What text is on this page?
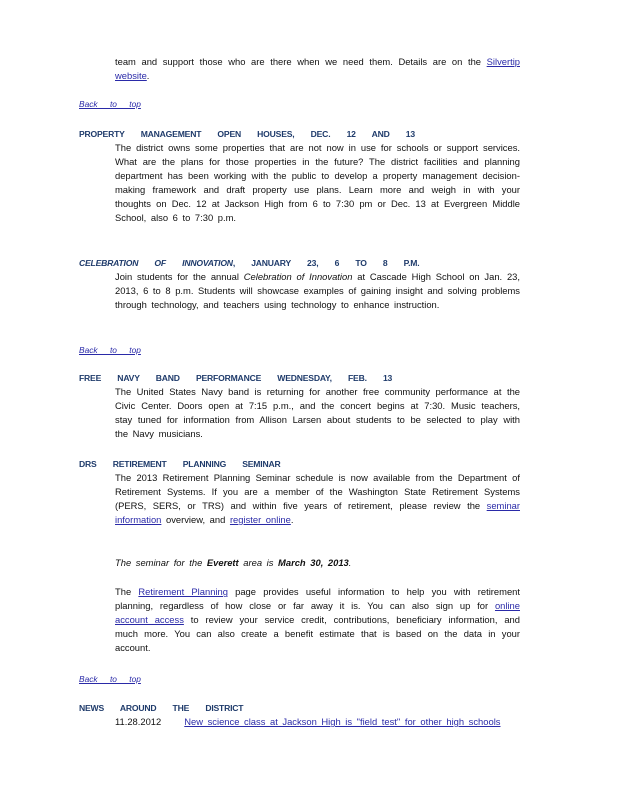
team and support those who are there when we need them. Details are on the Silvertip website.

Back to top
PROPERTY MANAGEMENT OPEN HOUSES, DEC. 12 AND 13

The district owns some properties that are not now in use for schools or support services. What are the plans for those properties in the future? The district facilities and planning department has been working with the public to develop a property management decision-making framework and draft property use plans. Learn more and weigh in with your thoughts on Dec. 12 at Jackson High from 6 to 7:30 pm or Dec. 13 at Evergreen Middle School, also 6 to 7:30 p.m.

CELEBRATION OF INNOVATION, JANUARY 23, 6 TO 8 P.M.

Join students for the annual Celebration of Innovation at Cascade High School on Jan. 23, 2013, 6 to 8 p.m. Students will showcase examples of gaining insight and solving problems through technology, and teachers using technology to enhance instruction.

Back to top
FREE NAVY BAND PERFORMANCE WEDNESDAY, FEB. 13

The United States Navy band is returning for another free community performance at the Civic Center. Doors open at 7:15 p.m., and the concert begins at 7:30. Music teachers, stay tuned for information from Allison Larsen about students to be selected to play with the Navy musicians.

DRS RETIREMENT PLANNING SEMINAR

The 2013 Retirement Planning Seminar schedule is now available from the Department of Retirement Systems. If you are a member of the Washington State Retirement Systems (PERS, SERS, or TRS) and within five years of retirement, please review the seminar information overview, and register online.

The seminar for the Everett area is March 30, 2013.

The Retirement Planning page provides useful information to help you with retirement planning, regardless of how close or far away it is. You can also sign up for online account access to review your service credit, contributions, beneficiary information, and much more. You can also create a benefit estimate that is based on the data in your account.

Back to top
NEWS AROUND THE DISTRICT

11.28.2012 New science class at Jackson High is "field test" for other high schools
